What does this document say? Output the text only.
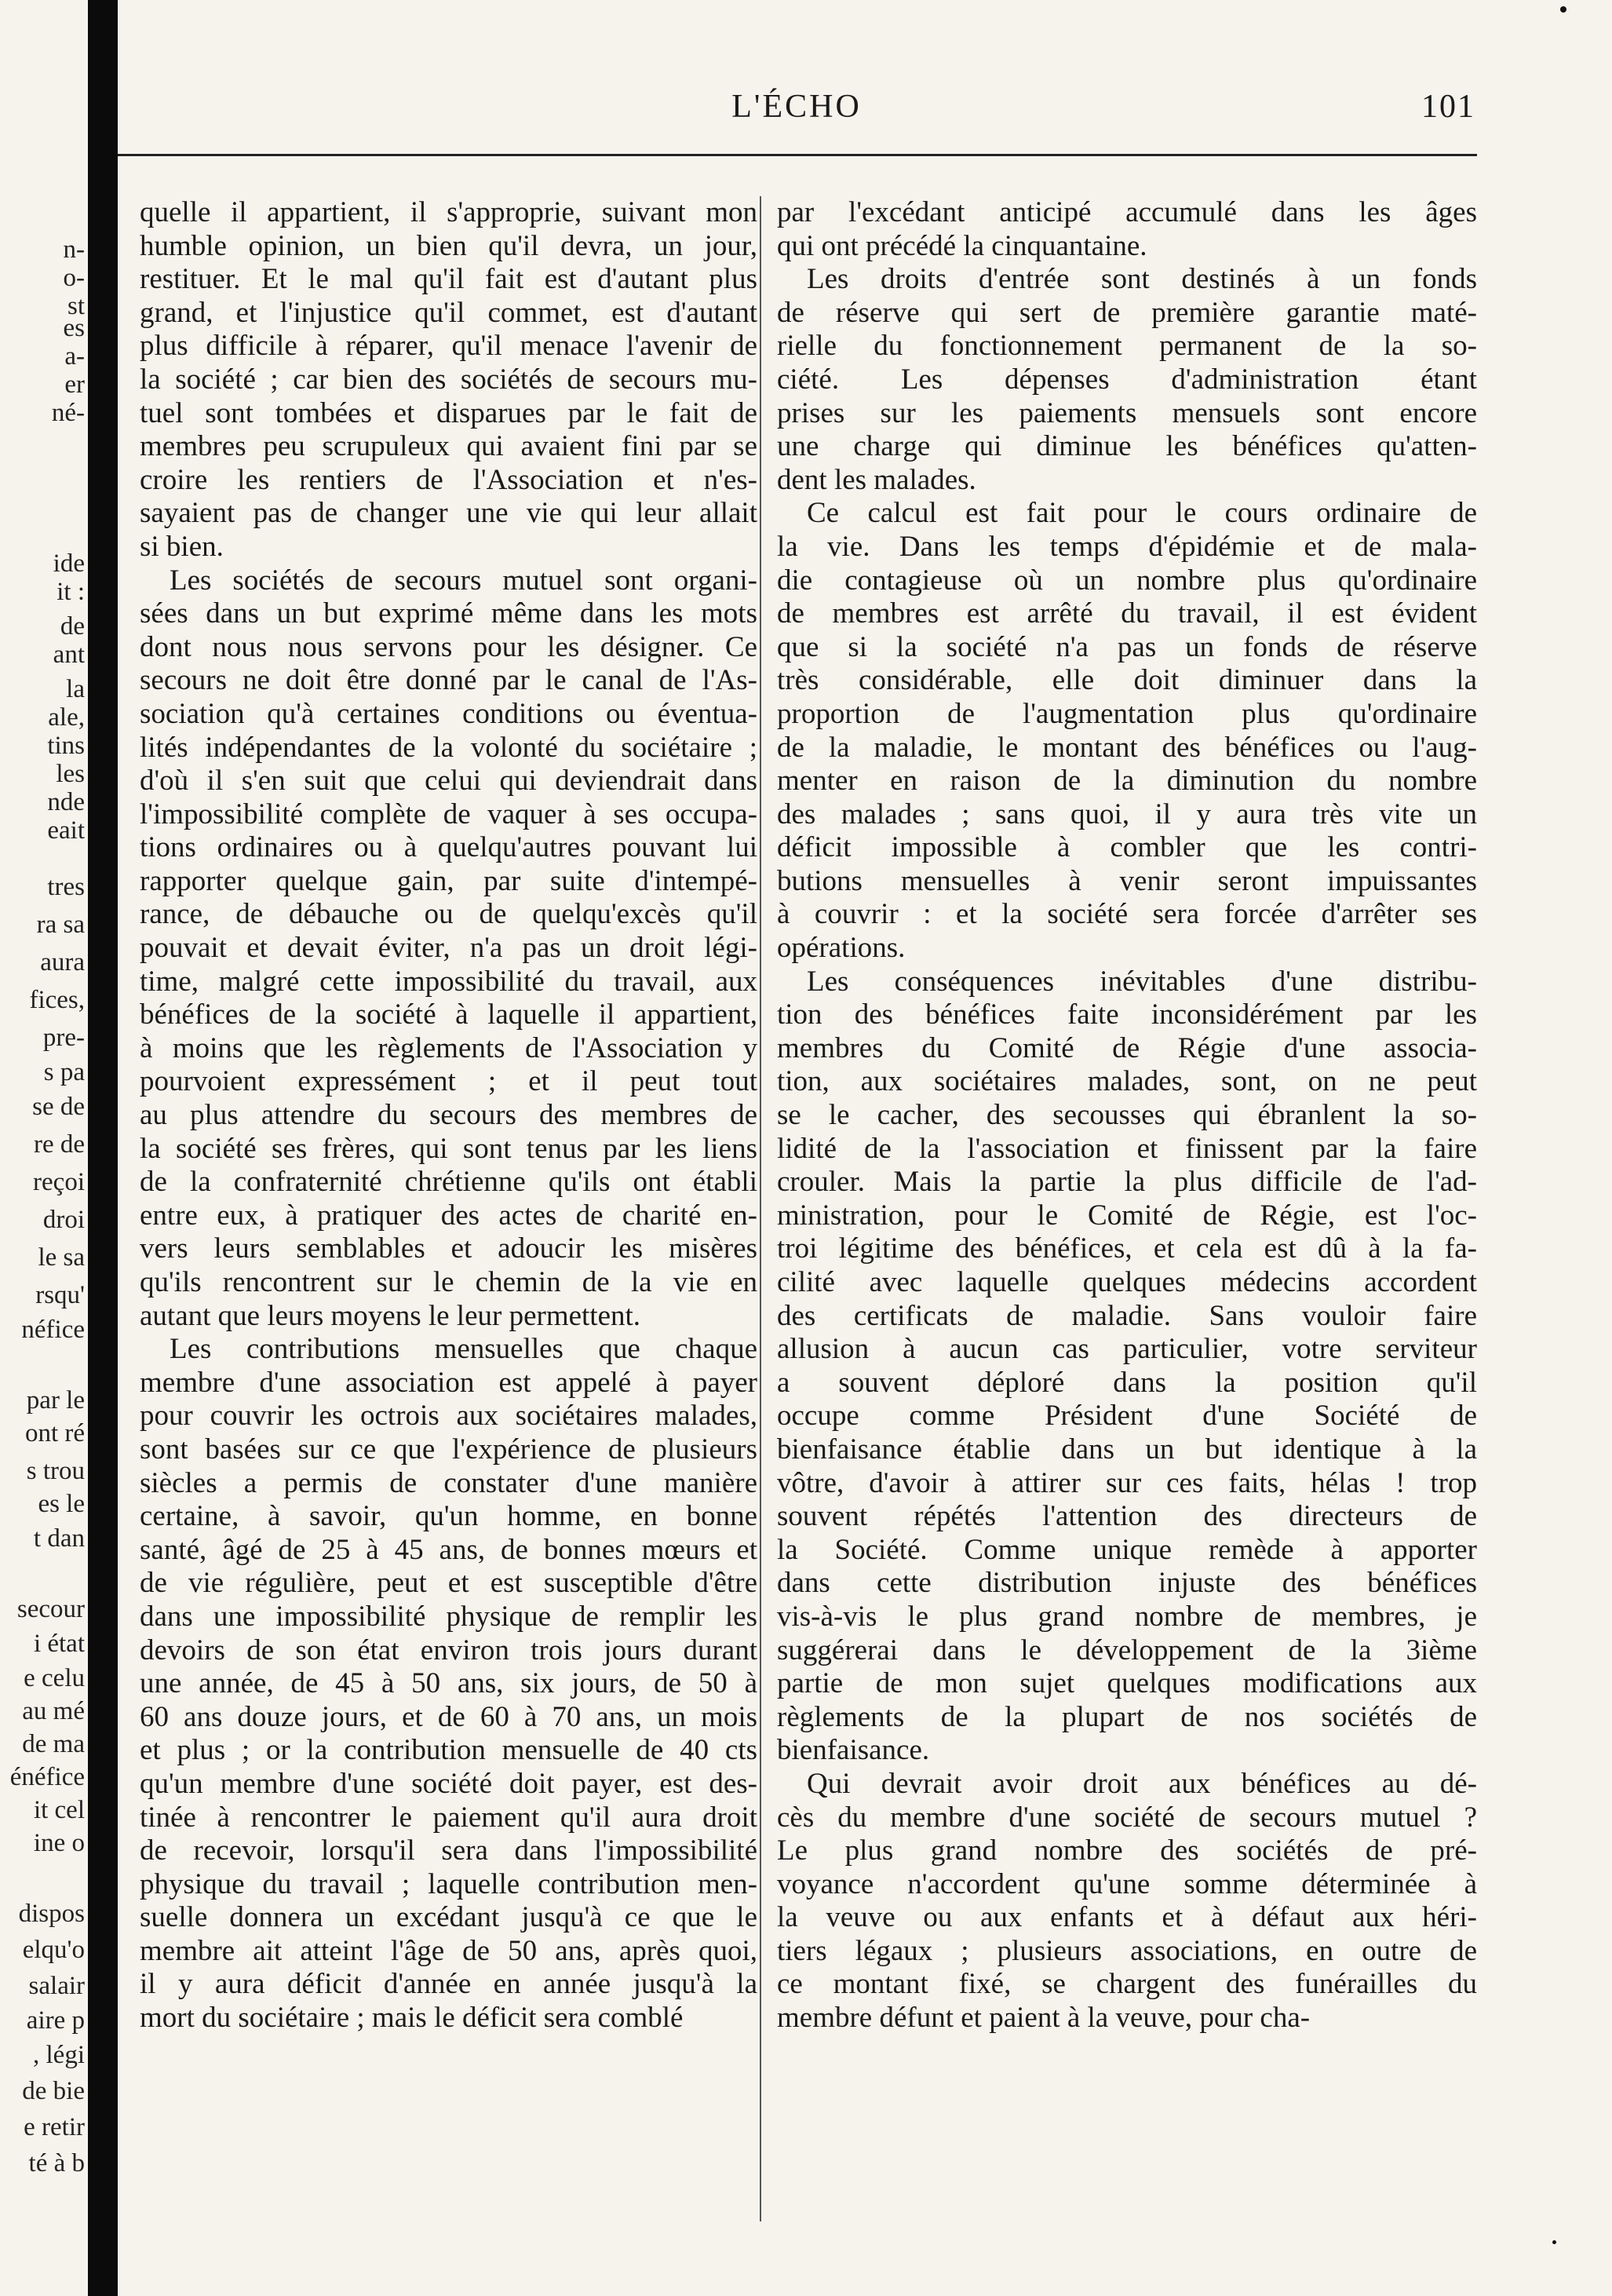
n-
o-
st
es
a-
er
né-
ide
it :
de
ant
la
ale,
tins
les
nde
eait
tres
ra sa
aura
fices,
pre-
s pa
se de
re de
reçoi
droi
le sa
rsqu'
néfice
par le
ont ré
s trou
es le
t dan
secour
i état
e celu
au mé
de ma
énéfice
it cel
ine o
dispos
elqu'o
salair
aire p
, légi
de bie
e retir
té à b
L'ÉCHO	101

quelle il appartient, il s'approprie, suivant mon
humble opinion, un bien qu'il devra, un jour,
restituer. Et le mal qu'il fait est d'autant plus
grand, et l'injustice qu'il commet, est d'autant
plus difficile à réparer, qu'il menace l'avenir de
la société ; car bien des sociétés de secours mu-
tuel sont tombées et disparues par le fait de
membres peu scrupuleux qui avaient fini par se
croire les rentiers de l'Association et n'es-
sayaient pas de changer une vie qui leur allait
si bien.

Les sociétés de secours mutuel sont organi-
sées dans un but exprimé même dans les mots
dont nous nous servons pour les désigner. Ce
secours ne doit être donné par le canal de l'As-
sociation qu'à certaines conditions ou éventua-
lités indépendantes de la volonté du sociétaire ;
d'où il s'en suit que celui qui deviendrait dans
l'impossibilité complète de vaquer à ses occupa-
tions ordinaires ou à quelqu'autres pouvant lui
rapporter quelque gain, par suite d'intempé-
rance, de débauche ou de quelqu'excès qu'il
pouvait et devait éviter, n'a pas un droit légi-
time, malgré cette impossibilité du travail, aux
bénéfices de la société à laquelle il appartient,
à moins que les règlements de l'Association y
pourvoient expressément ; et il peut tout
au plus attendre du secours des membres de
la société ses frères, qui sont tenus par les liens
de la confraternité chrétienne qu'ils ont établi
entre eux, à pratiquer des actes de charité en-
vers leurs semblables et adoucir les misères
qu'ils rencontrent sur le chemin de la vie en
autant que leurs moyens le leur permettent.

Les contributions mensuelles que chaque
membre d'une association est appelé à payer
pour couvrir les octrois aux sociétaires malades,
sont basées sur ce que l'expérience de plusieurs
siècles a permis de constater d'une manière
certaine, à savoir, qu'un homme, en bonne
santé, âgé de 25 à 45 ans, de bonnes mœurs et
de vie régulière, peut et est susceptible d'être
dans une impossibilité physique de remplir les
devoirs de son état environ trois jours durant
une année, de 45 à 50 ans, six jours, de 50 à
60 ans douze jours, et de 60 à 70 ans, un mois
et plus ; or la contribution mensuelle de 40 cts
qu'un membre d'une société doit payer, est des-
tinée à rencontrer le paiement qu'il aura droit
de recevoir, lorsqu'il sera dans l'impossibilité
physique du travail ; laquelle contribution men-
suelle donnera un excédant jusqu'à ce que le
membre ait atteint l'âge de 50 ans, après quoi,
il y aura déficit d'année en année jusqu'à la
mort du sociétaire ; mais le déficit sera comblé

par l'excédant anticipé accumulé dans les âges
qui ont précédé la cinquantaine.

Les droits d'entrée sont destinés à un fonds
de réserve qui sert de première garantie maté-
rielle du fonctionnement permanent de la so-
ciété. Les dépenses d'administration étant
prises sur les paiements mensuels sont encore
une charge qui diminue les bénéfices qu'atten-
dent les malades.

Ce calcul est fait pour le cours ordinaire de
la vie. Dans les temps d'épidémie et de mala-
die contagieuse où un nombre plus qu'ordinaire
de membres est arrêté du travail, il est évident
que si la société n'a pas un fonds de réserve
très considérable, elle doit diminuer dans la
proportion de l'augmentation plus qu'ordinaire
de la maladie, le montant des bénéfices ou l'aug-
menter en raison de la diminution du nombre
des malades ; sans quoi, il y aura très vite un
déficit impossible à combler que les contri-
butions mensuelles à venir seront impuissantes
à couvrir : et la société sera forcée d'arrêter ses
opérations.

Les conséquences inévitables d'une distribu-
tion des bénéfices faite inconsidérément par les
membres du Comité de Régie d'une associa-
tion, aux sociétaires malades, sont, on ne peut
se le cacher, des secousses qui ébranlent la so-
lidité de la l'association et finissent par la faire
crouler. Mais la partie la plus difficile de l'ad-
ministration, pour le Comité de Régie, est l'oc-
troi légitime des bénéfices, et cela est dû à la fa-
cilité avec laquelle quelques médecins accordent
des certificats de maladie. Sans vouloir faire
allusion à aucun cas particulier, votre serviteur
a souvent déploré dans la position qu'il
occupe comme Président d'une Société de
bienfaisance établie dans un but identique à la
vôtre, d'avoir à attirer sur ces faits, hélas ! trop
souvent répétés l'attention des directeurs de
la Société. Comme unique remède à apporter
dans cette distribution injuste des bénéfices
vis-à-vis le plus grand nombre de membres, je
suggérerai dans le développement de la 3ième
partie de mon sujet quelques modifications aux
règlements de la plupart de nos sociétés de
bienfaisance.

Qui devrait avoir droit aux bénéfices au dé-
cès du membre d'une société de secours mutuel ?
Le plus grand nombre des sociétés de pré-
voyance n'accordent qu'une somme déterminée à
la veuve ou aux enfants et à défaut aux héri-
tiers légaux ; plusieurs associations, en outre de
ce montant fixé, se chargent des funérailles du
membre défunt et paient à la veuve, pour cha-
